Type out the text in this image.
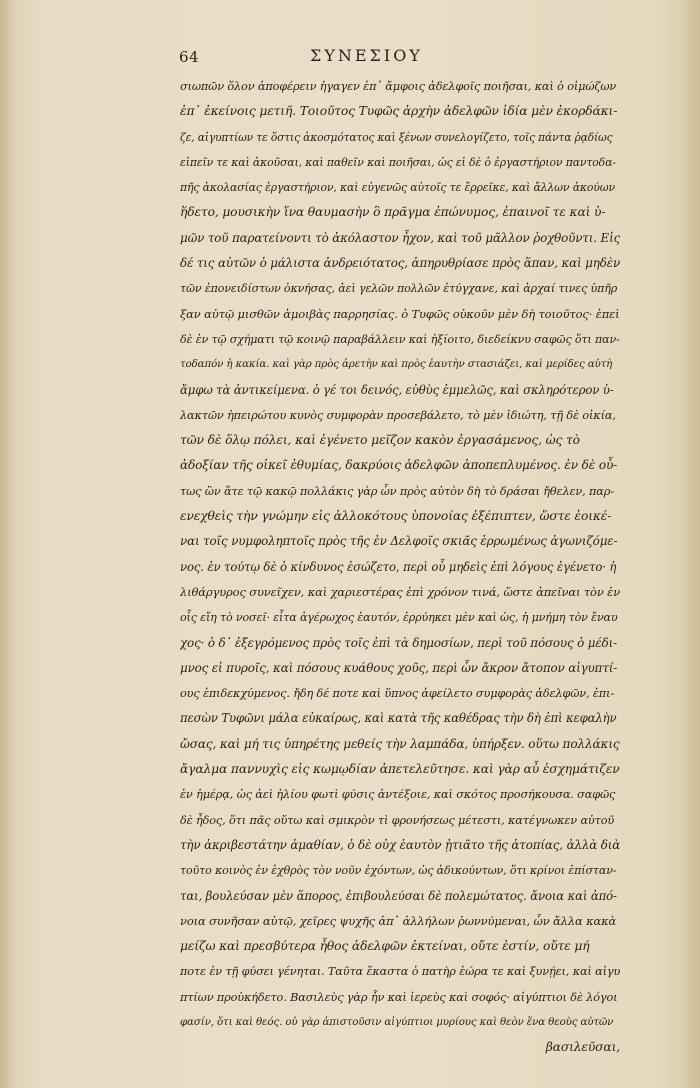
64	ΣΥΝΕΣΙΟΥ
σιωπῶν ὅλον ἀποφέρειν ἠγαγεν ἐπ᾽ ἄμφοις ἀδελφοῖς ποιῆσαι, καὶ ὁ οἰμώζων
ἐπ᾽ ἐκείνοις μετιῆ. Τοιοῦτος Τυφῶς ἀρχὴν ἀδελφῶν ἰδία μὲν ἐκορδάκι-
ζε, αἰγυπτίων τε ὅστις ἀκοσμότατος καὶ ξένων συνελογίζετο, τοῖς πάντα ῥᾳδίως
εἰπεῖν τε καὶ ἀκοῦσαι, καὶ παθεῖν καὶ ποιῆσαι, ὡς εἰ δὲ ὁ ἐργαστήριον παντοδα-
πῆς ἀκολασίας ἐργαστήριον, καὶ εὐγενῶς αὐτοῖς τε ἔρρεῖκε, καὶ ἄλλων ἀκούων
ἥδετο, μουσικὴν ἵνα θαυμασὴν ὃ πρᾶγμα ἐπώνυμος, ἐπαινοῖ τε καὶ ὑ-
μῶν τοῦ παρατείνοντι τὸ ἀκόλαστον ἦχον, καὶ τοῦ μᾶλλον ῥοχθοῦντι. Εἰς
δέ τις αὐτῶν ὁ μάλιστα ἀνδρειότατος, ἀπηρυθρίασε πρὸς ἅπαν, καὶ μηδὲν
τῶν ἐπονειδίστων ὀκνήσας, ἀεὶ γελῶν πολλῶν ἐτύγχανε, καὶ ἀρχαί τινες ὑπῆρ
ξαν αὐτῷ μισθῶν ἀμοιβὰς παρρησίας. ὁ Τυφῶς οὐκοῦν μὲν δὴ τοιοῦτος· ἐπεὶ
δὲ ἐν τῷ σχήματι τῷ κοινῷ παραβάλλειν καὶ ἠξίοιτο, διεδείκνυ σαφῶς ὅτι παν-
τοδαπόν ἡ κακία. καὶ γὰρ πρὸς ἀρετὴν καὶ πρὸς ἑαυτὴν στασιάζει, καὶ μερίδες αὐτὴ
ἄμφω τὰ ἀντικείμενα. ὁ γέ τοι δεινός, εὐθὺς ἐμμελῶς, καὶ σκληρότερον ὑ-
λακτῶν ἠπειρώτου κυνὸς συμφορὰν προσεβάλετο, τὸ μὲν ἰδιώτη, τῇ δὲ οἰκία,
τῶν δὲ ὅλῳ πόλει, καὶ ἐγένετο μεῖζον κακὸν ἐργασάμενος, ὡς τὸ
ἀδοξίαν τῆς οἰκεῖ ἐθυμίας, δακρύοις ἀδελφῶν ἀποπεπλυμένος. ἐν δὲ οὖ-
τως ὢν ἅτε τῷ κακῷ πολλάκις γὰρ ὧν πρὸς αὐτὸν δὴ τὸ δράσαι ἤθελεν, παρ-
ενεχθεὶς τὴν γνώμην εἰς ἀλλοκότους ὑπονοίας ἐξέπιπτεν, ὥστε ἐοικέ-
ναι τοῖς νυμφοληπτοῖς πρὸς τῆς ἐν Δελφοῖς σκιᾶς ἐρρωμένως ἀγωνιζόμε-
νος. ἐν τούτῳ δὲ ὁ κίνδυνος ἐσώζετο, περὶ οὗ μηδεὶς ἐπὶ λόγους ἐγένετο· ἡ
λιθάργυρος συνεῖχεν, καὶ χαριεστέρας ἐπὶ χρόνον τινά, ὥστε ἀπεῖναι τὸν ἐν
οἷς εἴη τὸ νοσεῖ· εἶτα ἀγέρωχος ἑαυτόν, ἐρρύηκει μὲν καὶ ὡς, ἡ μνήμη τὸν ἔναυ
χος· ὁ δ᾽ ἐξεγρόμενος πρὸς τοῖς ἐπὶ τὰ δημοσίων, περὶ τοῦ πόσους ὁ μέδι-
μνος εἰ πυροῖς, καὶ πόσους κυάθους χοῦς, περὶ ὧν ἄκρον ἄτοπον αἰγυπτί-
ους ἐπιδεκχύμενος. ἤδη δέ ποτε καὶ ὕπνος ἀφείλετο συμφορὰς ἀδελφῶν, ἐπι-
πεσὼν Τυφῶνι μάλα εὐκαίρως, καὶ κατὰ τῆς καθέδρας τὴν δὴ ἐπὶ κεφαλὴν
ὤσας, καὶ μή τις ὑπηρέτης μεθείς τὴν λαμπάδα, ὑπήρξεν. οὕτω πολλάκις
ἄγαλμα παννυχὶς εἰς κωμῳδίαν ἀπετελεῦτησε. καὶ γὰρ αὖ ἐσχημάτιζεν
ἐν ἡμέρᾳ, ὡς ἀεὶ ἡλίου φωτὶ φύσις ἀντέξοιε, καὶ σκότος προσήκουσα. σαφῶς
δὲ ἦδος, ὅτι πᾶς οὕτω καὶ σμικρὸν τὶ φρονήσεως μέτεστι, κατέγνωκεν αὐτοῦ
τὴν ἀκριβεστάτην ἀμαθίαν, ὁ δὲ οὐχ ἑαυτὸν ᾐτιᾶτο τῆς ἀτοπίας, ἀλλὰ διὰ
τοῦτο κοινὸς ἐν ἐχθρὸς τὸν νοῦν ἐχόντων, ὡς ἀδικούντων, ὅτι κρίνοι ἐπίσταν-
ται, βουλεύσαν μὲν ἅπορος, ἐπιβουλεύσαι δὲ πολεμώτατος. ἄνοια καὶ ἀπό-
νοια συνῆσαν αὐτῷ, χεῖρες ψυχῆς ἀπ᾽ ἀλλήλων ῥωννύμεναι, ὧν ἄλλα κακὰ
μείζω καὶ πρεσβύτερα ἦθος ἀδελφῶν ἐκτείναι, οὔτε ἐστίν, οὔτε μή
ποτε ἐν τῇ φύσει γένηται. Ταῦτα ἕκαστα ὁ πατὴρ ἑώρα τε καὶ ξυνῄει, καὶ αἰγυ
πτίων προὐκήδετο. Βασιλεὺς γὰρ ἦν καὶ ἱερεὺς καὶ σοφός· αἰγύπτιοι δὲ λόγοι
φασίν, ὅτι καὶ θεός. οὐ γὰρ ἀπιστοῦσιν αἰγύπτιοι μυρίους καὶ θεὸν ἕνα θεοὺς αὐτῶν
βασιλεῦσαι,
